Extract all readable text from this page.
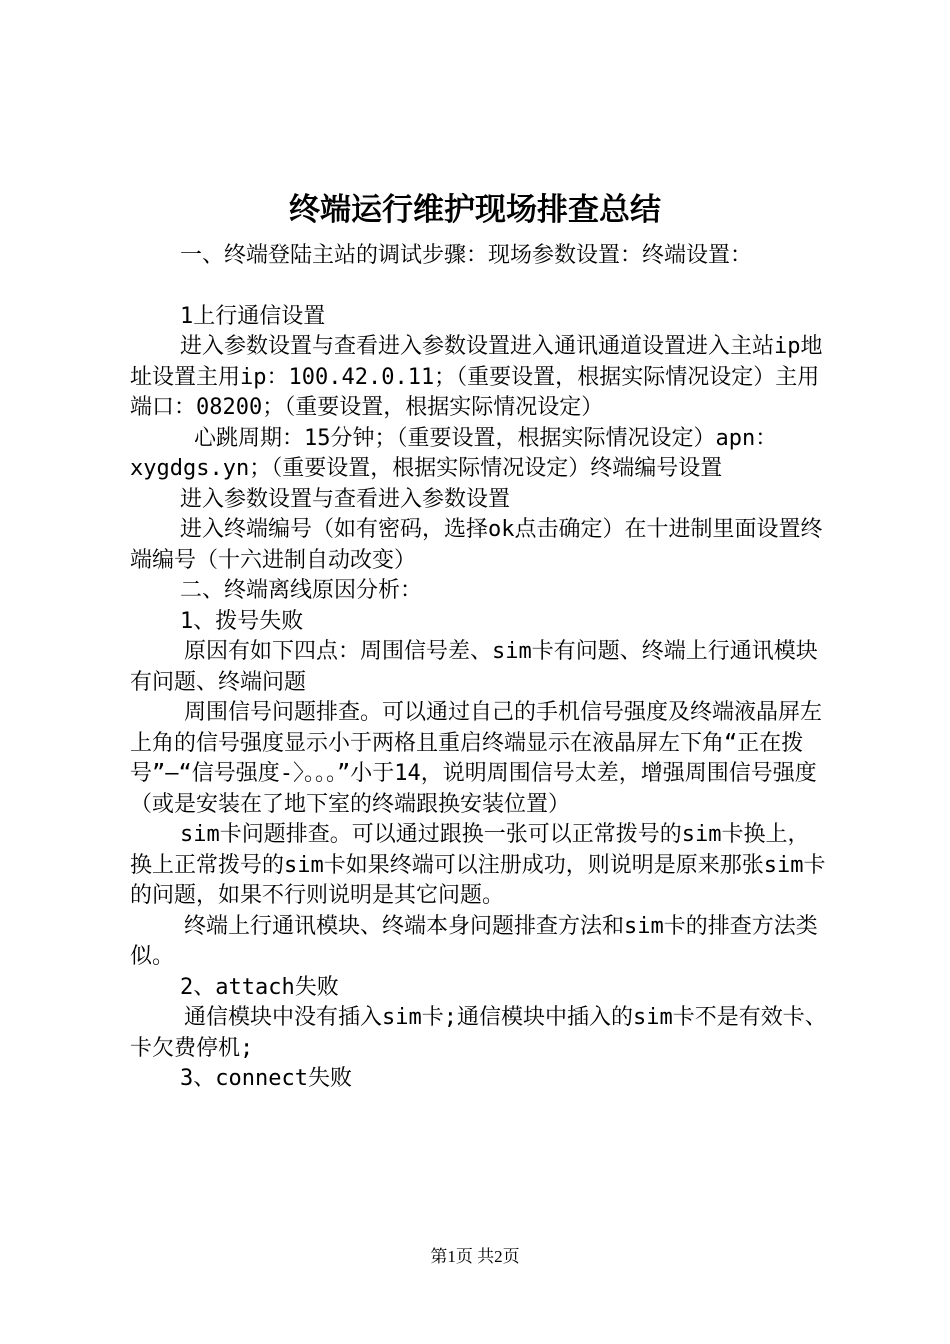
终端运行维护现场排查总结

一、终端登陆主站的调试步骤：现场参数设置：终端设置：

1上行通信设置

进入参数设置与查看进入参数设置进入通讯通道设置进入主站ip地址设置主用ip：100.42.0.11；（重要设置，根据实际情况设定）主用端口：08200；（重要设置，根据实际情况设定）

心跳周期：15分钟；（重要设置，根据实际情况设定）apn：xygdgs.yn；（重要设置，根据实际情况设定）终端编号设置

进入参数设置与查看进入参数设置

进入终端编号（如有密码，选择ok点击确定）在十进制里面设置终端编号（十六进制自动改变）

二、终端离线原因分析：

1、拨号失败

原因有如下四点：周围信号差、sim卡有问题、终端上行通讯模块有问题、终端问题

周围信号问题排查。可以通过自己的手机信号强度及终端液晶屏左上角的信号强度显示小于两格且重启终端显示在液晶屏左下角“正在拨号”—“信号强度-〉。。。”小于14，说明周围信号太差，增强周围信号强度（或是安装在了地下室的终端跟换安装位置）

sim卡问题排查。可以通过跟换一张可以正常拨号的sim卡换上，换上正常拨号的sim卡如果终端可以注册成功，则说明是原来那张sim卡的问题，如果不行则说明是其它问题。

终端上行通讯模块、终端本身问题排查方法和sim卡的排查方法类似。

2、attach失败

通信模块中没有插入sim卡;通信模块中插入的sim卡不是有效卡、卡欠费停机;

3、connect失败

第1页 共2页
